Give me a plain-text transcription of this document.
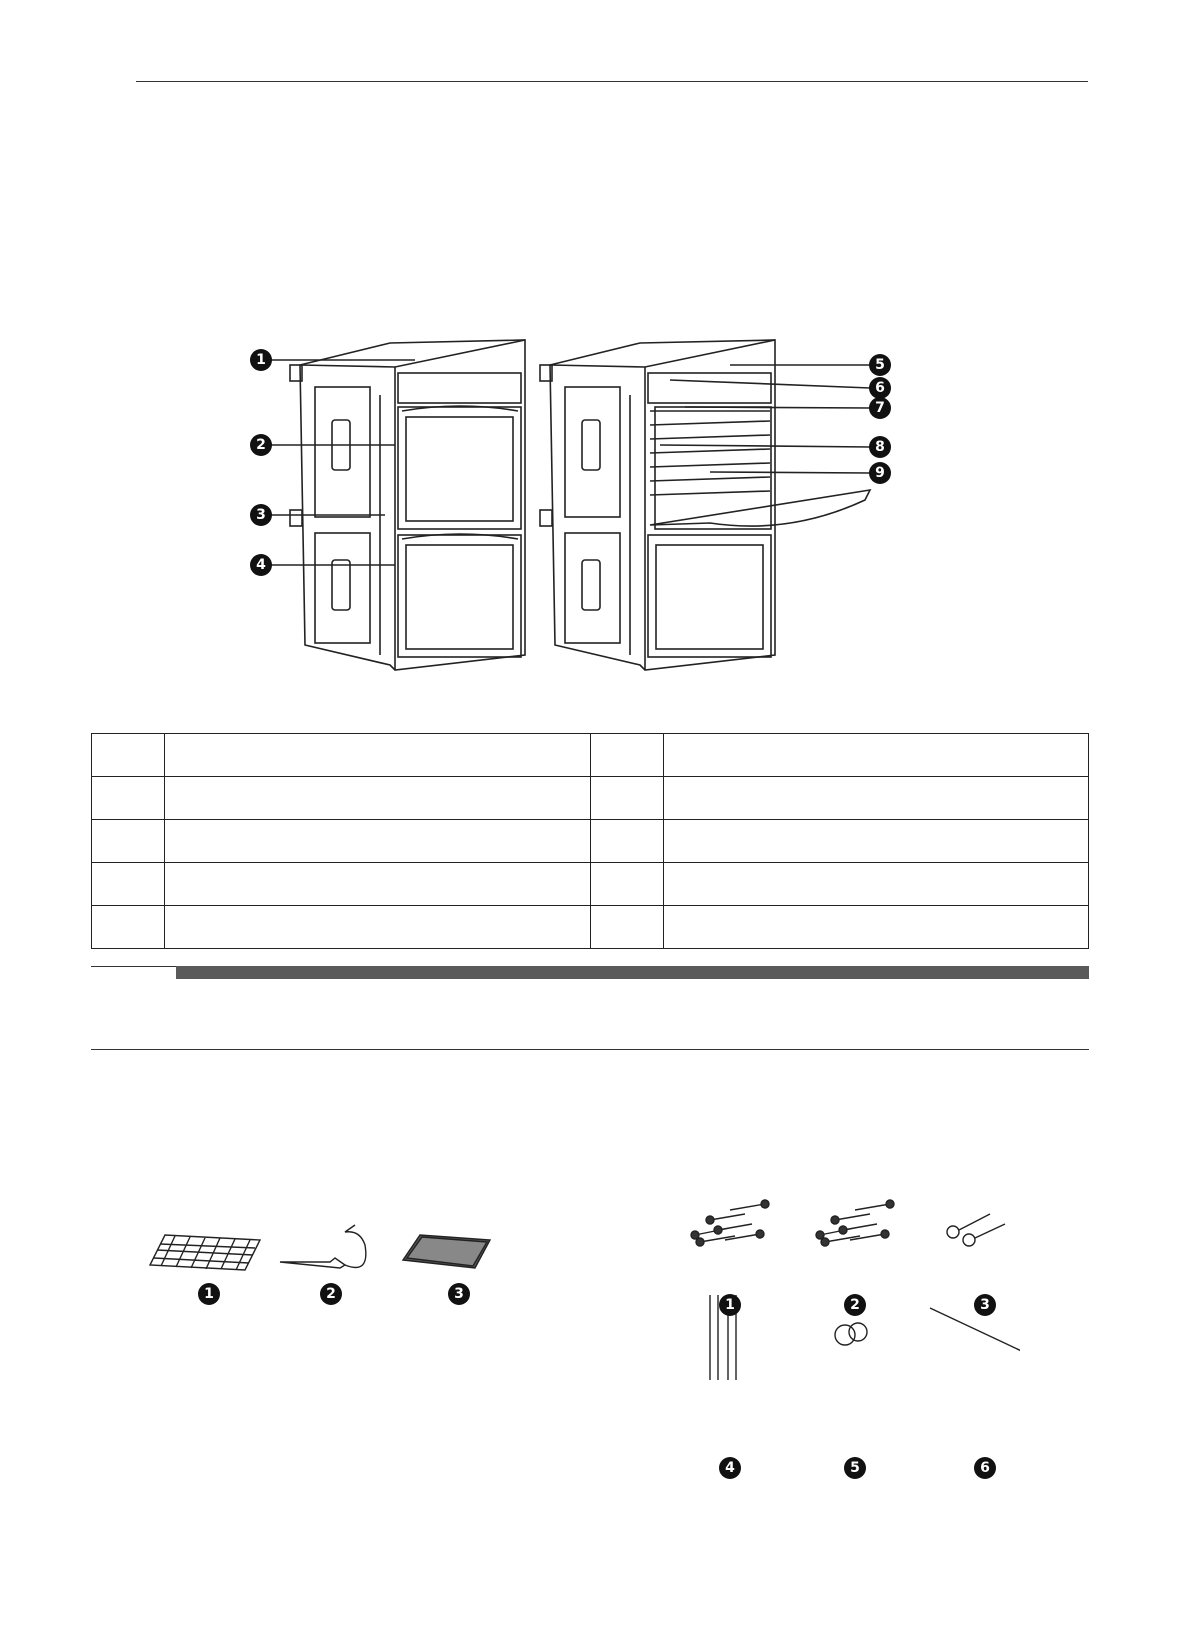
1
2
3
4
5
6
7
8
9

1	2	3
1	2	3
4	5	6
